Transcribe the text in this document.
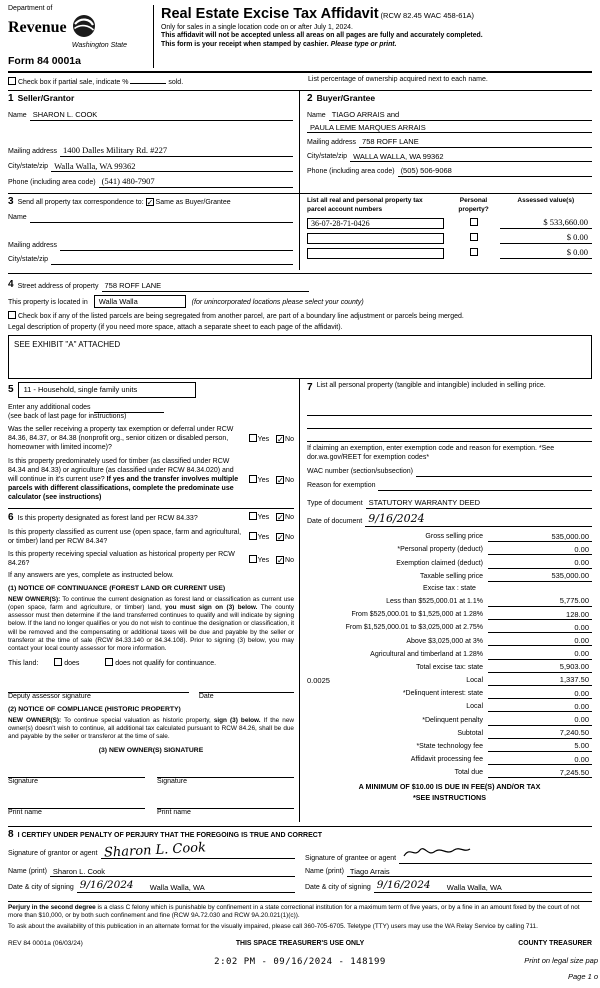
Department of
Revenue
Washington State
Form 84 0001a
Real Estate Excise Tax Affidavit (RCW 82.45 WAC 458-61A)
Only for sales in a single location code on or after July 1, 2024.
This affidavit will not be accepted unless all areas on all pages are fully and accurately completed.
This form is your receipt when stamped by cashier. Please type or print.
Check box if partial sale, indicate %	sold.	List percentage of ownership acquired next to each name.
1 Seller/Grantor
Name SHARON L. COOK
Mailing address 1400 Dalles Military Rd. #227
City/state/zip Walla Walla, WA 99362
Phone (including area code) (541) 480-7907
2 Buyer/Grantee
Name TIAGO ARRAIS and
PAULA LEME MARQUES ARRAIS
Mailing address 758 ROFF LANE
City/state/zip WALLA WALLA, WA 99362
Phone (including area code) (505) 506-9068
3 Send all property tax correspondence to: ✓ Same as Buyer/Grantee
Name
Mailing address
City/state/zip
List all real and personal property tax parcel account numbers
Personal property?
Assessed value(s)
36-07-28-71-0426	$ 533,660.00
$ 0.00
$ 0.00
4 Street address of property 758 ROFF LANE
This property is located in Walla Walla	(for unincorporated locations please select your county)
Check box if any of the listed parcels are being segregated from another parcel, are part of a boundary line adjustment or parcels being merged.
Legal description of property (if you need more space, attach a separate sheet to each page of the affidavit).
SEE EXHIBIT "A" ATTACHED
5	11 - Household, single family units
Enter any additional codes
(see back of last page for instructions)
Was the seller receiving a property tax exemption or deferral under RCW 84.36, 84.37, or 84.38 (nonprofit org., senior citizen or disabled person, homeowner with limited income)?
Yes ✓No
Is this property predominately used for timber (as classified under RCW 84.34 and 84.33) or agriculture (as classified under RCW 84.34.020) and will continue in it's current use? If yes and the transfer involves multiple parcels with different classifications, complete the predominate use calculator (see instructions)
Yes ✓No
6 Is this property designated as forest land per RCW 84.33?	Yes ✓No
Is this property classified as current use (open space, farm and agricultural, or timber) land per RCW 84.34?	Yes ✓No
Is this property receiving special valuation as historical property per RCW 84.26?	Yes ✓No
If any answers are yes, complete as instructed below.
(1) NOTICE OF CONTINUANCE (FOREST LAND OR CURRENT USE)
NEW OWNER(S): To continue the current designation as forest land or classification as current use (open space, farm and agriculture, or timber) land, you must sign on (3) below. The county assessor must then determine if the land transferred continues to qualify and will indicate by signing below. If the land no longer qualifies or you do not wish to continue the designation or classification, it will be removed and the compensating or additional taxes will be due and payable by the seller or transferor at the time of sale (RCW 84.33.140 or 84.34.108). Prior to signing (3) below, you may contact your local county assessor for more information.
This land:	does	does not qualify for continuance.
Deputy assessor signature	Date
(2) NOTICE OF COMPLIANCE (HISTORIC PROPERTY)
NEW OWNER(S): To continue special valuation as historic property, sign (3) below. If the new owner(s) doesn't wish to continue, all additional tax calculated pursuant to RCW 84.26, shall be due and payable by the seller or transferor at the time of sale.
(3) NEW OWNER(S) SIGNATURE
Signature	Signature
Print name	Print name
7 List all personal property (tangible and intangible) included in selling price.
If claiming an exemption, enter exemption code and reason for exemption. *See dor.wa.gov/REET for exemption codes*
WAC number (section/subsection)
Reason for exemption
Type of document STATUTORY WARRANTY DEED
Date of document 9/16/2024
Gross selling price	535,000.00
*Personal property (deduct)	0.00
Exemption claimed (deduct)	0.00
Taxable selling price	535,000.00
Excise tax : state
Less than $525,000.01 at 1.1%	5,775.00
From $525,000.01 to $1,525,000 at 1.28%	128.00
From $1,525,000.01 to $3,025,000 at 2.75%	0.00
Above $3,025,000 at 3%	0.00
Agricultural and timberland at 1.28%	0.00
Total excise tax: state	5,903.00
0.0025	Local	1,337.50
*Delinquent interest: state	0.00
Local	0.00
*Delinquent penalty	0.00
Subtotal	7,240.50
*State technology fee	5.00
Affidavit processing fee	0.00
Total due	7,245.50
A MINIMUM OF $10.00 IS DUE IN FEE(S) AND/OR TAX
*SEE INSTRUCTIONS
8 I CERTIFY UNDER PENALTY OF PERJURY THAT THE FOREGOING IS TRUE AND CORRECT
Signature of grantor or agent Sharon L. Cook	Signature of grantee or agent
Name (print) Sharon L. Cook	Name (print) Tiago Arrais
Date & city of signing 9/16/2024	Walla Walla, WA	Date & city of signing 9/16/2024	Walla Walla, WA
Perjury in the second degree is a class C felony which is punishable by confinement in a state correctional institution for a maximum term of five years, or by a fine in an amount fixed by the court of not more than $10,000, or by both such confinement and fine (RCW 9A.72.030 and RCW 9A.20.021(1)(c)).
To ask about the availability of this publication in an alternate format for the visually impaired, please call 360-705-6705. Teletype (TTY) users may use the WA Relay Service by calling 711.
REV 84 0001a (06/03/24)	THIS SPACE TREASURER'S USE ONLY	COUNTY TREASURER
2:02 PM - 09/16/2024 - 148199	Print on legal size pap
Page 1 o
